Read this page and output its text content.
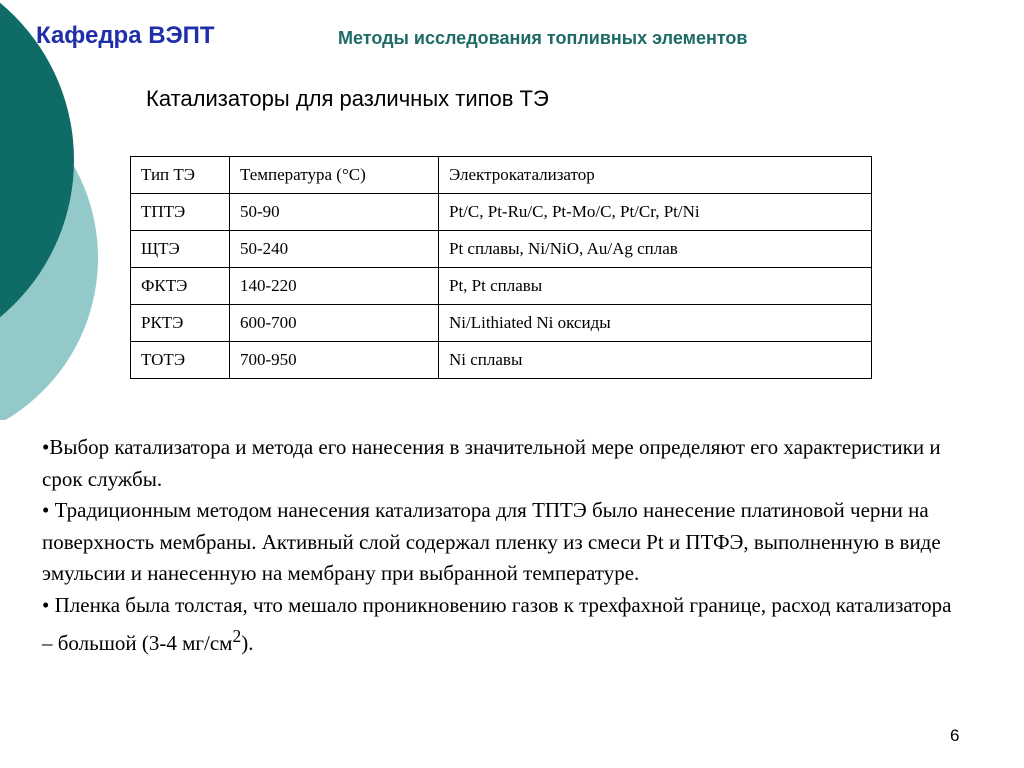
Кафедра ВЭПТ	Методы исследования топливных элементов
Катализаторы для различных типов ТЭ
Тип ТЭ	Температура (°С)	Электрокатализатор
ТПТЭ	50-90	Pt/C, Pt-Ru/C, Pt-Mo/C, Pt/Cr, Pt/Ni
ЩТЭ	50-240	Pt сплавы, Ni/NiO, Au/Ag сплав
ФКТЭ	140-220	Pt, Pt сплавы
РКТЭ	600-700	Ni/Lithiated Ni оксиды
ТОТЭ	700-950	Ni сплавы

•Выбор катализатора и метода его нанесения в значительной мере определяют его характеристики и срок службы.

• Традиционным методом нанесения катализатора для ТПТЭ было нанесение платиновой черни на поверхность мембраны. Активный слой содержал пленку из смеси Pt и ПТФЭ, выполненную в виде эмульсии и нанесенную на мембрану при выбранной температуре.

• Пленка была толстая, что мешало проникновению газов к трехфахной границе, расход катализатора – большой (3-4 $мг/см^2$).

6
